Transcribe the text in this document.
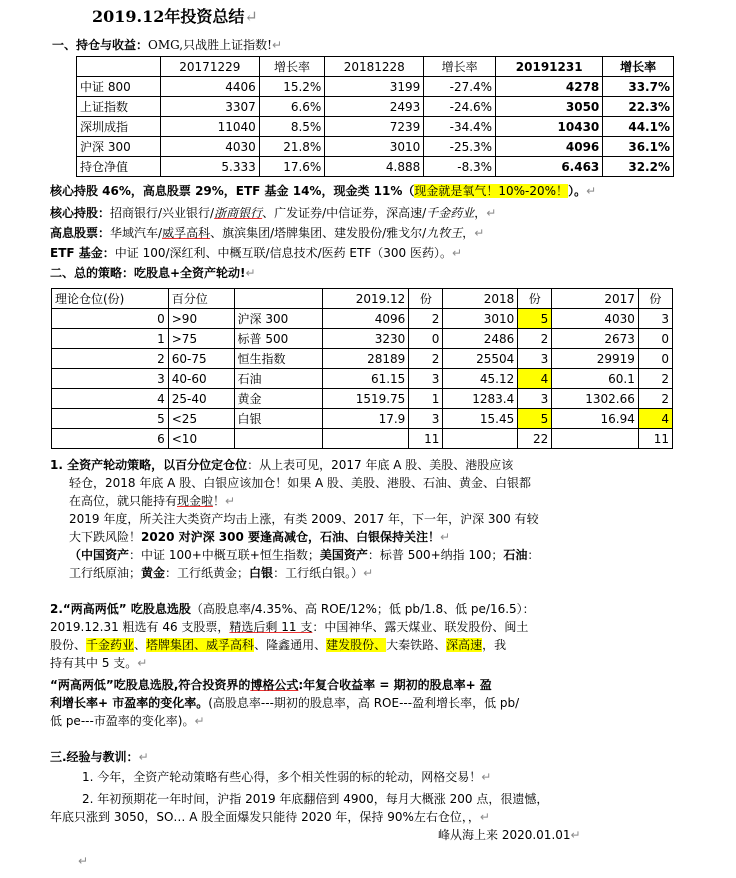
2019.12年投资总结↵
一、持仓与收益：OMG,只战胜上证指数!↵
	20171229	增长率	20181228	增长率	20191231	增长率
中证 800	4406	15.2%	3199	-27.4%	4278	33.7%
上证指数	3307	6.6%	2493	-24.6%	3050	22.3%
深圳成指	11040	8.5%	7239	-34.4%	10430	44.1%
沪深 300	4030	21.8%	3010	-25.3%	4096	36.1%
持仓净值	5.333	17.6%	4.888	-8.3%	6.463	32.2%
核心持股 46%，高息股票 29%，ETF 基金 14%，现金类 11%（现金就是氧气！10%-20%！）。↵
核心持股：招商银行/兴业银行/浙商银行、广发证券/中信证券，深高速/千金药业，↵
高息股票：华域汽车/威孚高科、旗滨集团/塔牌集团、建发股份/雅戈尔/九牧王，↵
ETF 基金：中证 100/深红利、中概互联/信息技术/医药 ETF（300 医药）。↵
二、总的策略：吃股息+全资产轮动!↵
理论仓位(份)	百分位		2019.12	份	2018	份	2017	份
0	>90	沪深 300	4096	2	3010	5	4030	3
1	>75	标普 500	3230	0	2486	2	2673	0
2	60-75	恒生指数	28189	2	25504	3	29919	0
3	40-60	石油	61.15	3	45.12	4	60.1	2
4	25-40	黄金	1519.75	1	1283.4	3	1302.66	2
5	<25	白银	17.9	3	15.45	5	16.94	4
6	<10			11		22		11
1. 全资产轮动策略，以百分位定仓位：从上表可见，2017 年底 A 股、美股、港股应该
轻仓，2018 年底 A 股、白银应该加仓！如果 A 股、美股、港股、石油、黄金、白银都
在高位，就只能持有现金啦！↵
2019 年度，所关注大类资产均击上涨，有类 2009、2017 年，下一年，沪深 300 有较
大下跌风险！2020 对沪深 300 要逢高减仓，石油、白银保持关注！↵
（中国资产：中证 100+中概互联+恒生指数；美国资产：标普 500+纳指 100；石油：
工行纸原油；黄金：工行纸黄金；白银：工行纸白银。）↵
2.“两高两低” 吃股息选股（高股息率/4.35%、高 ROE/12%；低 pb/1.8、低 pe/16.5）：
2019.12.31 粗选有 46 支股票，精选后剩 11 支：中国神华、露天煤业、联发股份、闽土
股份、千金药业、塔牌集团、威孚高科、隆鑫通用、建发股份、大秦铁路、深高速，我
持有其中 5 支。↵
“两高两低”吃股息选股,符合投资界的博格公式:年复合收益率 = 期初的股息率+ 盈
利增长率+ 市盈率的变化率。(高股息率---期初的股息率，高 ROE---盈利增长率，低 pb/
低 pe---市盈率的变化率)。↵
三.经验与教训：↵
1. 今年，全资产轮动策略有些心得，多个相关性弱的标的轮动，网格交易！↵
2. 年初预期花一年时间，沪指 2019 年底翻倍到 4900，每月大概涨 200 点，很遗憾，
年底只涨到 3050，SO… A 股全面爆发只能待 2020 年，保持 90%左右仓位，，↵
峰从海上来 2020.01.01↵
↵
